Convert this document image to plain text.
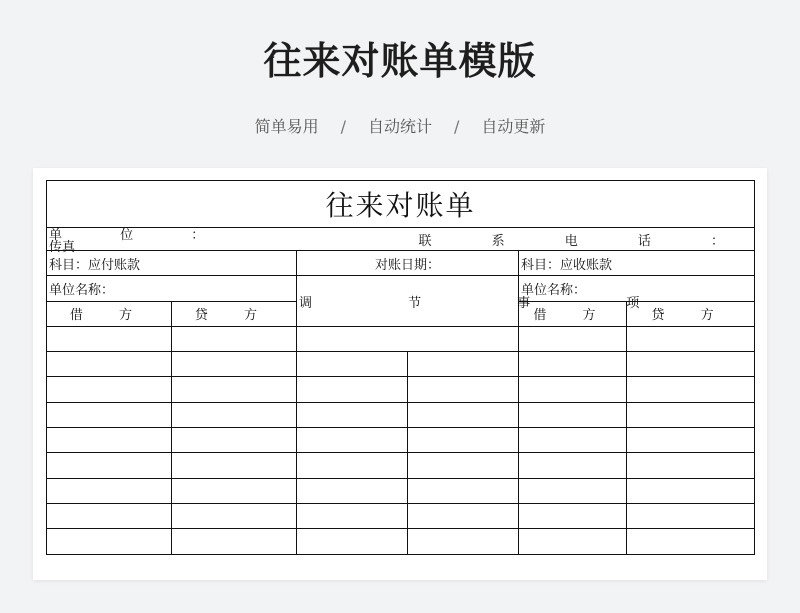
往来对账单模版
简单易用 / 自动统计 / 自动更新
往来对账单					

单 位 ：
传真 联 系 电 话 ：					

科目：应付账款		对账日期：		科目：应收账款	
单位名称：		调 节 事 项		单位名称：	
借 方	贷 方			借 方	贷 方
